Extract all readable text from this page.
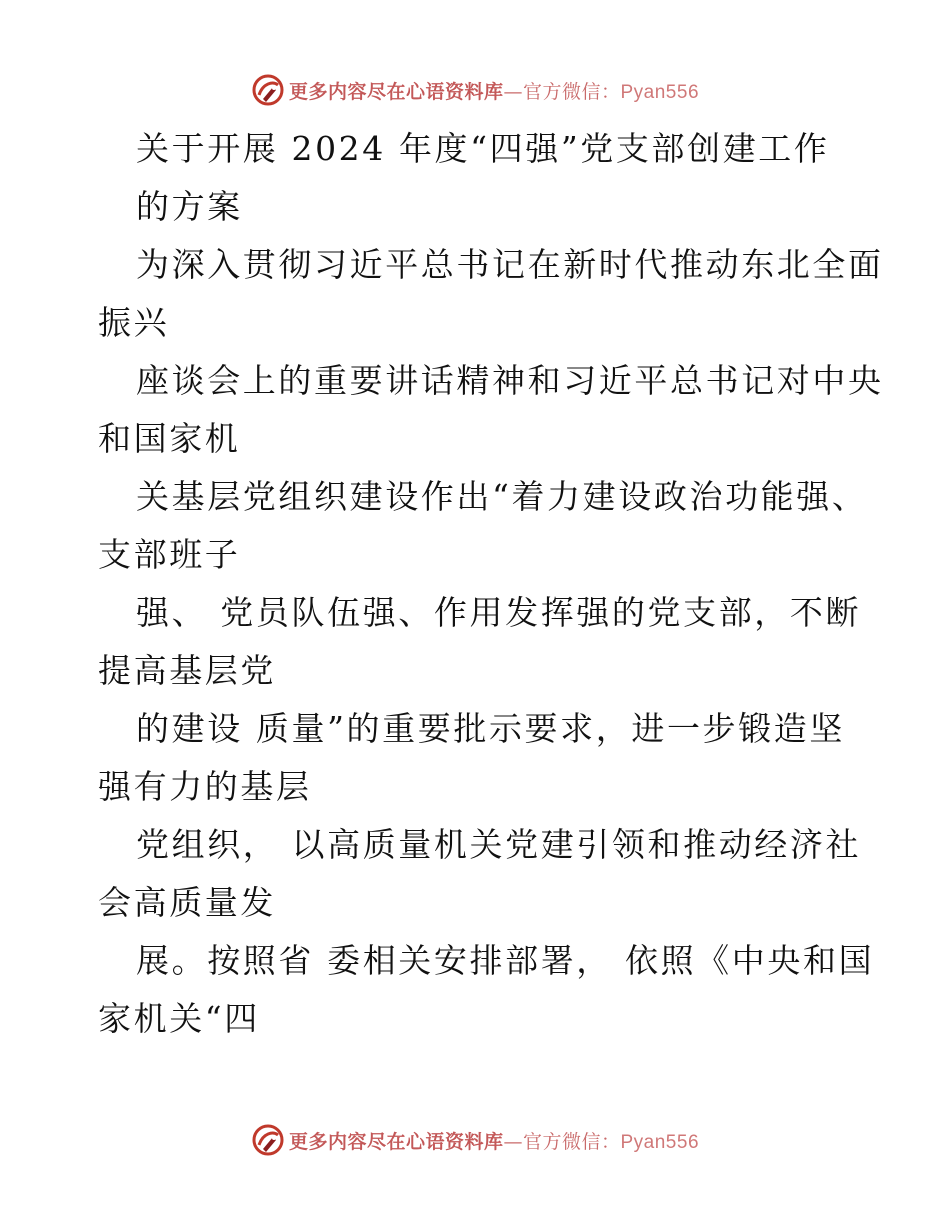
更多内容尽在心语资料库—官方微信：Pyan556
关于开展 2024 年度“四强”党支部创建工作
的方案
为深入贯彻习近平总书记在新时代推动东北全面
振兴
座谈会上的重要讲话精神和习近平总书记对中央
和国家机
关基层党组织建设作出“着力建设政治功能强、
支部班子
强、 党员队伍强、作用发挥强的党支部，不断
提高基层党
的建设 质量”的重要批示要求，进一步锻造坚
强有力的基层
党组织， 以高质量机关党建引领和推动经济社
会高质量发
展。按照省 委相关安排部署， 依照《中央和国
家机关“四
更多内容尽在心语资料库—官方微信：Pyan556
